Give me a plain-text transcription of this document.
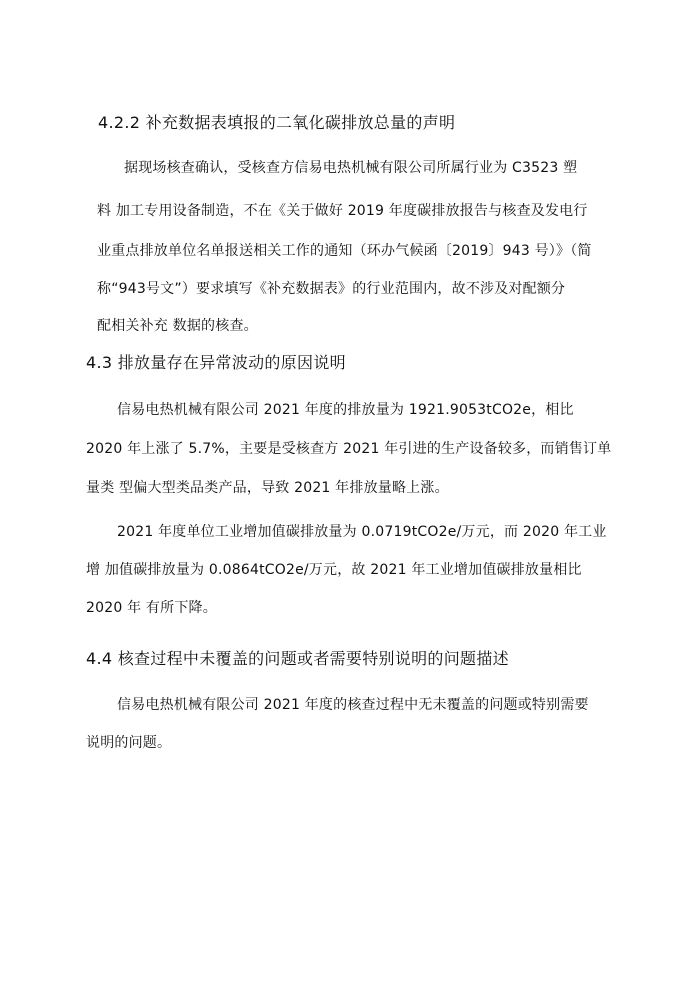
4.2.2 补充数据表填报的二氧化碳排放总量的声明
据现场核查确认，受核查方信易电热机械有限公司所属行业为 C3523 塑
料 加工专用设备制造，不在《关于做好 2019 年度碳排放报告与核查及发电行
业重点排放单位名单报送相关工作的通知（环办气候函〔2019〕943 号）》（简
称“943号文”）要求填写《补充数据表》的行业范围内，故不涉及对配额分
配相关补充 数据的核查。
4.3 排放量存在异常波动的原因说明
信易电热机械有限公司 2021 年度的排放量为 1921.9053tCO2e，相比
2020 年上涨了 5.7%，主要是受核查方 2021 年引进的生产设备较多，而销售订单
量类 型偏大型类品类产品，导致 2021 年排放量略上涨。
2021 年度单位工业增加值碳排放量为 0.0719tCO2e/万元，而 2020 年工业
增 加值碳排放量为 0.0864tCO2e/万元，故 2021 年工业增加值碳排放量相比
2020 年 有所下降。
4.4 核查过程中未覆盖的问题或者需要特别说明的问题描述
信易电热机械有限公司 2021 年度的核查过程中无未覆盖的问题或特别需要
说明的问题。
